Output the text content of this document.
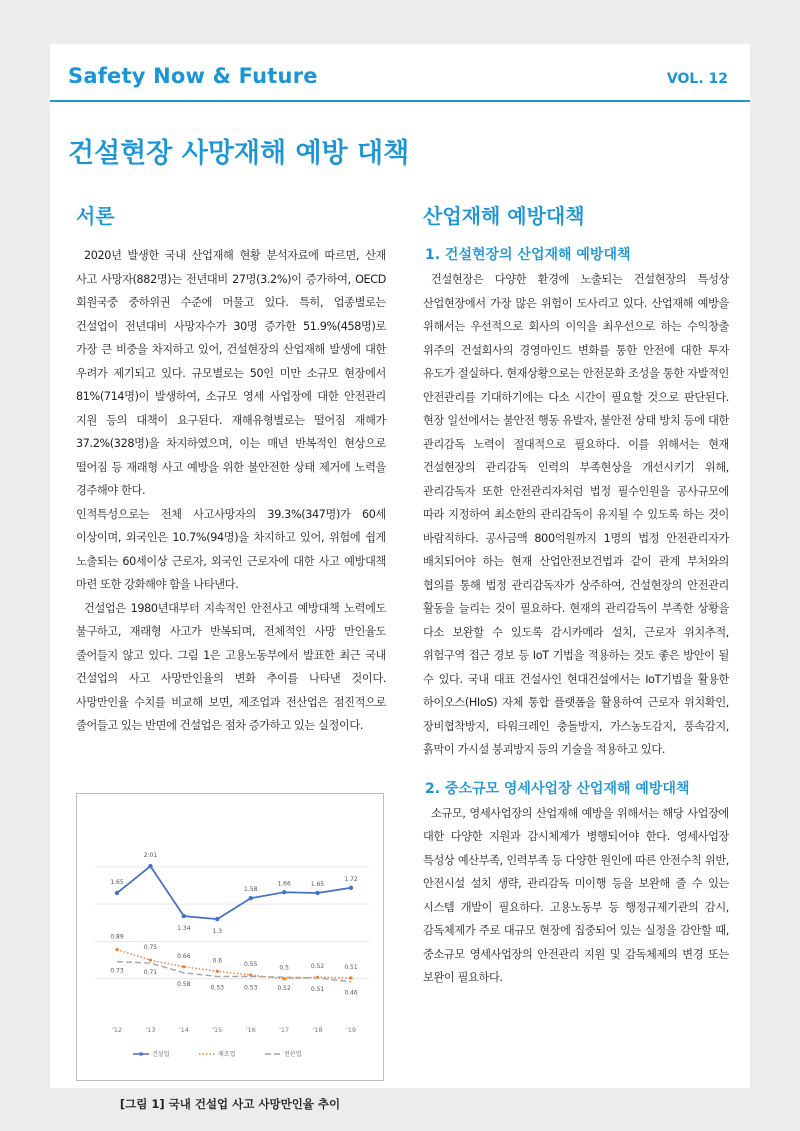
Safety Now & Future	VOL. 12
건설현장 사망재해 예방 대책
서론

2020년 발생한 국내 산업재해 현황 분석자료에 따르면, 산재 사고 사망자(882명)는 전년대비 27명(3.2%)이 증가하여, OECD 회원국중 중하위권 수준에 머물고 있다. 특히, 업종별로는 건설업이 전년대비 사망자수가 30명 증가한 51.9%(458명)로 가장 큰 비중을 차지하고 있어, 건설현장의 산업재해 발생에 대한 우려가 제기되고 있다. 규모별로는 50인 미만 소규모 현장에서 81%(714명)이 발생하여, 소규모 영세 사업장에 대한 안전관리 지원 등의 대책이 요구된다. 재해유형별로는 떨어짐 재해가 37.2%(328명)을 차지하였으며, 이는 매년 반복적인 현상으로 떨어짐 등 재래형 사고 예방을 위한 불안전한 상태 제거에 노력을 경주해야 한다.

인적특성으로는 전체 사고사망자의 39.3%(347명)가 60세 이상이며, 외국인은 10.7%(94명)을 차지하고 있어, 위험에 쉽게 노출되는 60세이상 근로자, 외국인 근로자에 대한 사고 예방대책 마련 또한 강화해야 함을 나타낸다.

건설업은 1980년대부터 지속적인 안전사고 예방대책 노력에도 불구하고, 재래형 사고가 반복되며, 전체적인 사망 만인율도 줄어들지 않고 있다. 그림 1은 고용노동부에서 발표한 최근 국내 건설업의 사고 사망만인율의 변화 추이를 나타낸 것이다. 사망만인율 수치를 비교해 보면, 제조업과 전산업은 점진적으로 줄어들고 있는 반면에 건설업은 점차 증가하고 있는 실정이다.

'12	'13	'14	'15	'16	'17	'18	'19
1.65
2.01
1.34	1.3
1.58
1.66	1.65
1.72
0.89
0.75
0.66
0.6
0.55
0.5	0.52	0.51
0.73	0.71
0.58
0.53	0.53	0.52	0.51
0.46
건설업	제조업	전산업
[그림 1] 국내 건설업 사고 사망만인율 추이
산업재해 예방대책
1. 건설현장의 산업재해 예방대책

건설현장은 다양한 환경에 노출되는 건설현장의 특성상 산업현장에서 가장 많은 위험이 도사리고 있다. 산업재해 예방을 위해서는 우선적으로 회사의 이익을 최우선으로 하는 수익창출 위주의 건설회사의 경영마인드 변화를 통한 안전에 대한 투자 유도가 절실하다. 현재상황으로는 안전문화 조성을 통한 자발적인 안전관리를 기대하기에는 다소 시간이 필요할 것으로 판단된다. 현장 일선에서는 불안전 행동 유발자, 불안전 상태 방치 등에 대한 관리감독 노력이 절대적으로 필요하다. 이를 위해서는 현재 건설현장의 관리감독 인력의 부족현상을 개선시키기 위해, 관리감독자 또한 안전관리자처럼 법정 필수인원을 공사규모에 따라 지정하여 최소한의 관리감독이 유지될 수 있도록 하는 것이 바람직하다. 공사금액 800억원까지 1명의 법정 안전관리자가 배치되어야 하는 현재 산업안전보건법과 같이 관계 부처와의 협의를 통해 법정 관리감독자가 상주하여, 건설현장의 안전관리 활동을 늘리는 것이 필요하다. 현재의 관리감독이 부족한 상황을 다소 보완할 수 있도록 감시카메라 설치, 근로자 위치추적, 위험구역 접근 경보 등 IoT 기법을 적용하는 것도 좋은 방안이 될 수 있다. 국내 대표 건설사인 현대건설에서는 IoT기법을 활용한 하이오스(HIoS) 자체 통합 플랫폼을 활용하여 근로자 위치확인, 장비협착방지, 타워크레인 충돌방지, 가스농도감지, 풍속감지, 흙막이 가시설 붕괴방지 등의 기술을 적용하고 있다.

2. 중소규모 영세사업장 산업재해 예방대책

소규모, 영세사업장의 산업재해 예방을 위해서는 해당 사업장에 대한 다양한 지원과 감시체계가 병행되어야 한다. 영세사업장 특성상 예산부족, 인력부족 등 다양한 원인에 따른 안전수칙 위반, 안전시설 설치 생략, 관리감독 미이행 등을 보완해 줄 수 있는 시스템 개발이 필요하다. 고용노동부 등 행정규제기관의 감시, 감독체제가 주로 대규모 현장에 집중되어 있는 실정을 감안할 때, 중소규모 영세사업장의 안전관리 지원 및 감독체제의 변경 또는 보완이 필요하다.
